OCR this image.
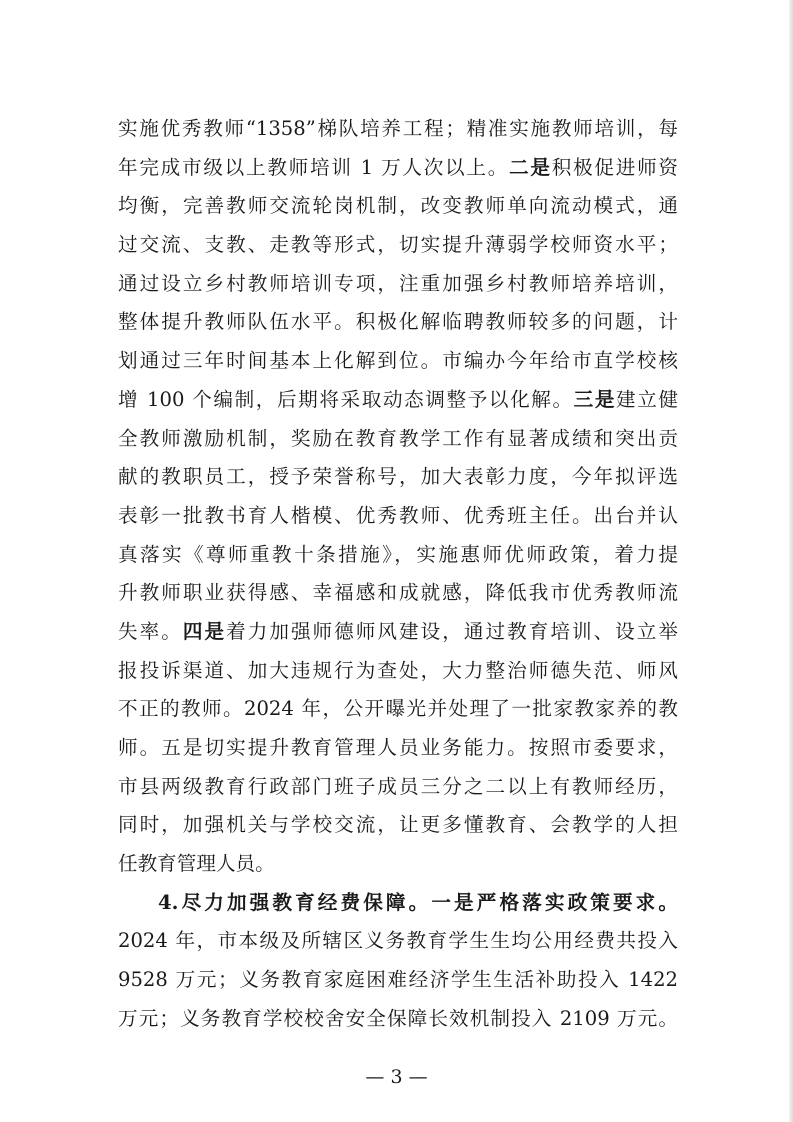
实施优秀教师“1358”梯队培养工程；精准实施教师培训，每
年完成市级以上教师培训 1 万人次以上。二是积极促进师资
均衡，完善教师交流轮岗机制，改变教师单向流动模式，通
过交流、支教、走教等形式，切实提升薄弱学校师资水平；
通过设立乡村教师培训专项，注重加强乡村教师培养培训，
整体提升教师队伍水平。积极化解临聘教师较多的问题，计
划通过三年时间基本上化解到位。市编办今年给市直学校核
增 100 个编制，后期将采取动态调整予以化解。三是建立健
全教师激励机制，奖励在教育教学工作有显著成绩和突出贡
献的教职员工，授予荣誉称号，加大表彰力度，今年拟评选
表彰一批教书育人楷模、优秀教师、优秀班主任。出台并认
真落实《尊师重教十条措施》，实施惠师优师政策，着力提
升教师职业获得感、幸福感和成就感，降低我市优秀教师流
失率。四是着力加强师德师风建设，通过教育培训、设立举
报投诉渠道、加大违规行为查处，大力整治师德失范、师风
不正的教师。2024 年，公开曝光并处理了一批家教家养的教
师。五是切实提升教育管理人员业务能力。按照市委要求，
市县两级教育行政部门班子成员三分之二以上有教师经历，
同时，加强机关与学校交流，让更多懂教育、会教学的人担
任教育管理人员。
4.尽力加强教育经费保障。一是严格落实政策要求。
2024 年，市本级及所辖区义务教育学生生均公用经费共投入
9528 万元；义务教育家庭困难经济学生生活补助投入 1422
万元；义务教育学校校舍安全保障长效机制投入 2109 万元。
— 3 —
